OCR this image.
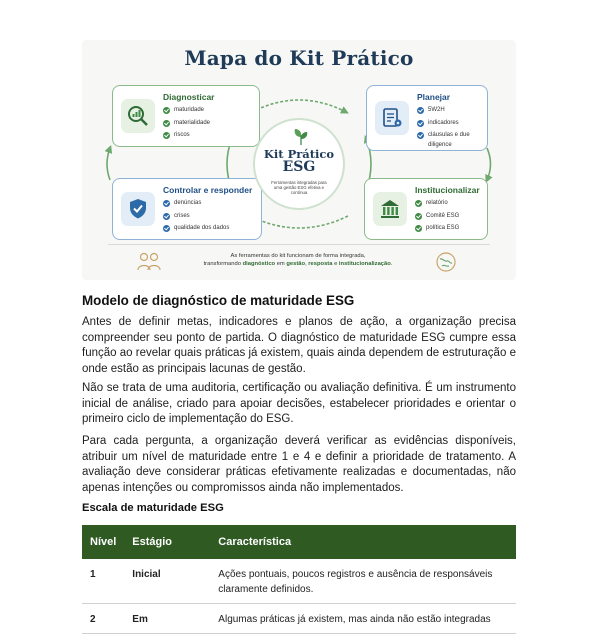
Mapa do Kit Prático
Diagnosticar
maturidade
materialidade
riscos
Planejar
5W2H
indicadores
cláusulas e due diligence
Controlar e responder
denúncias
crises
qualidade dos dados
Institucionalizar
relatório
Comitê ESG
política ESG
Kit Prático
ESG
Ferramentas integradas para uma gestão ESG efetiva e contínua
As ferramentas do kit funcionam de forma integrada,
transformando diagnóstico em gestão, resposta e institucionalização.
Modelo de diagnóstico de maturidade ESG

Antes de definir metas, indicadores e planos de ação, a organização precisa compreender seu ponto de partida. O diagnóstico de maturidade ESG cumpre essa função ao revelar quais práticas já existem, quais ainda dependem de estruturação e onde estão as principais lacunas de gestão.

Não se trata de uma auditoria, certificação ou avaliação definitiva. É um instrumento inicial de análise, criado para apoiar decisões, estabelecer prioridades e orientar o primeiro ciclo de implementação do ESG.

Para cada pergunta, a organização deverá verificar as evidências disponíveis, atribuir um nível de maturidade entre 1 e 4 e definir a prioridade de tratamento. A avaliação deve considerar práticas efetivamente realizadas e documentadas, não apenas intenções ou compromissos ainda não implementados.

Escala de maturidade ESG
Nível	Estágio	Característica
1	Inicial	Ações pontuais, poucos registros e ausência de responsáveis claramente definidos.
2	Em	Algumas práticas já existem, mas ainda não estão integradas
